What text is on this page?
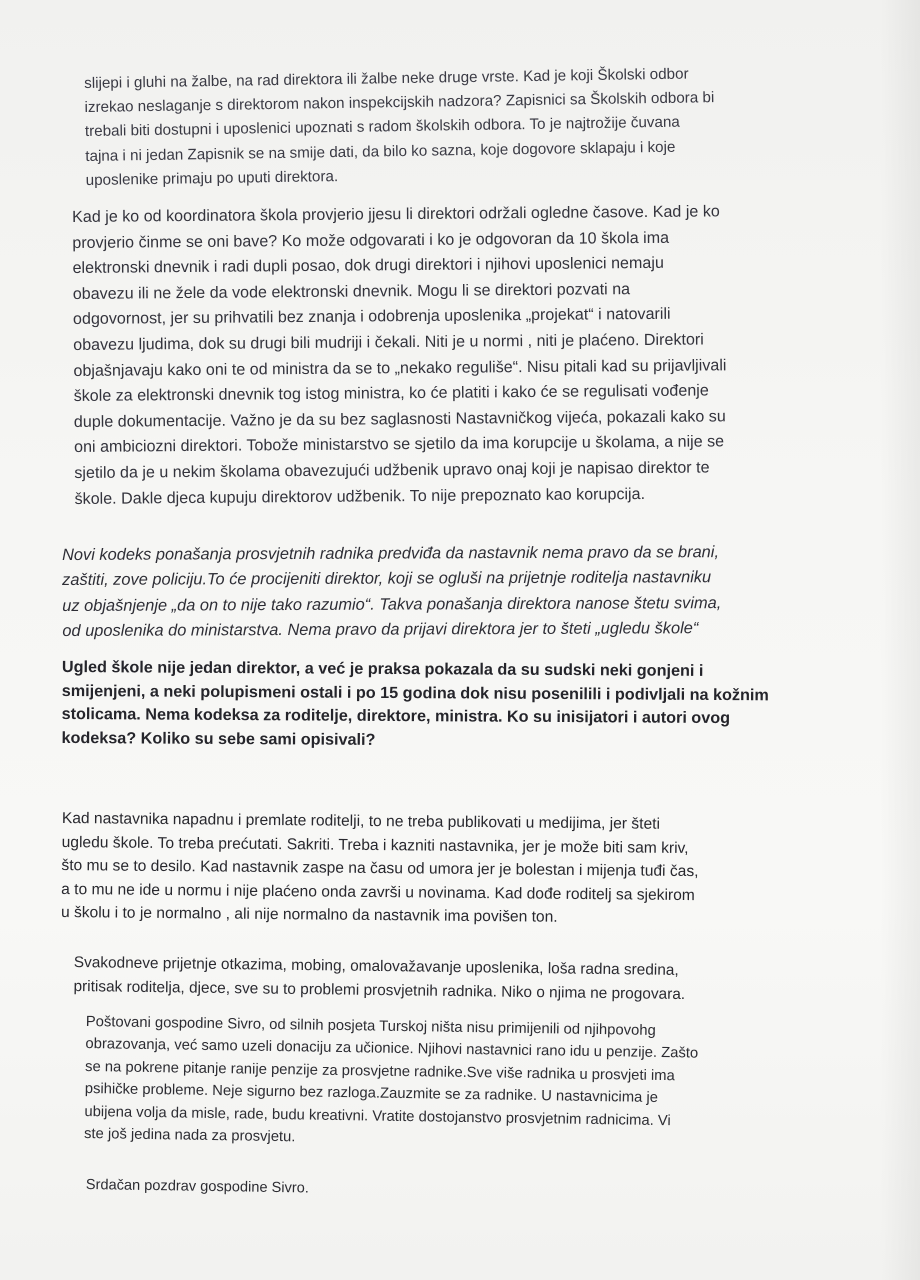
slijepi i gluhi na žalbe, na rad direktora ili žalbe neke druge vrste. Kad je koji Školski odbor
izrekao neslaganje s direktorom nakon inspekcijskih nadzora? Zapisnici sa Školskih odbora bi
trebali biti dostupni i uposlenici upoznati s radom školskih odbora. To je najtrožije čuvana
tajna i ni jedan Zapisnik se na smije dati, da bilo ko sazna, koje dogovore sklapaju i koje
uposlenike primaju po uputi direktora.

Kad je ko od koordinatora škola provjerio jjesu li direktori održali ogledne časove. Kad je ko
provjerio činme se oni bave? Ko može odgovarati i ko je odgovoran da 10 škola ima
elektronski dnevnik i radi dupli posao, dok drugi direktori i njihovi uposlenici nemaju
obavezu ili ne žele da vode elektronski dnevnik. Mogu li se direktori pozvati na
odgovornost, jer su prihvatili bez znanja i odobrenja uposlenika „projekat“ i natovarili
obavezu ljudima, dok su drugi bili mudriji i čekali. Niti je u normi , niti je plaćeno. Direktori
objašnjavaju kako oni te od ministra da se to „nekako reguliše“. Nisu pitali kad su prijavljivali
škole za elektronski dnevnik tog istog ministra, ko će platiti i kako će se regulisati vođenje
duple dokumentacije. Važno je da su bez saglasnosti Nastavničkog vijeća, pokazali kako su
oni ambiciozni direktori. Tobože ministarstvo se sjetilo da ima korupcije u školama, a nije se
sjetilo da je u nekim školama obavezujući udžbenik upravo onaj koji je napisao direktor te
škole. Dakle djeca kupuju direktorov udžbenik. To nije prepoznato kao korupcija.

Novi kodeks ponašanja prosvjetnih radnika predviđa da nastavnik nema pravo da se brani,
zaštiti, zove policiju.To će procijeniti direktor, koji se ogluši na prijetnje roditelja nastavniku
uz objašnjenje „da on to nije tako razumio“. Takva ponašanja direktora nanose štetu svima,
od uposlenika do ministarstva. Nema pravo da prijavi direktora jer to šteti „ugledu škole“

Ugled škole nije jedan direktor, a već je praksa pokazala da su sudski neki gonjeni i
smijenjeni, a neki polupismeni ostali i po 15 godina dok nisu posenilili i podivljali na kožnim
stolicama. Nema kodeksa za roditelje, direktore, ministra. Ko su inisijatori i autori ovog
kodeksa? Koliko su sebe sami opisivali?

Kad nastavnika napadnu i premlate roditelji, to ne treba publikovati u medijima, jer šteti
ugledu škole. To treba prećutati. Sakriti. Treba i kazniti nastavnika, jer je može biti sam kriv,
što mu se to desilo. Kad nastavnik zaspe na času od umora jer je bolestan i mijenja tuđi čas,
a to mu ne ide u normu i nije plaćeno onda završi u novinama. Kad dođe roditelj sa sjekirom
u školu i to je normalno , ali nije normalno da nastavnik ima povišen ton.

Svakodneve prijetnje otkazima, mobing, omalovažavanje uposlenika, loša radna sredina,
pritisak roditelja, djece, sve su to problemi prosvjetnih radnika. Niko o njima ne progovara.

Poštovani gospodine Sivro, od silnih posjeta Turskoj ništa nisu primijenili od njihpovohg
obrazovanja, već samo uzeli donaciju za učionice. Njihovi nastavnici rano idu u penzije. Zašto
se na pokrene pitanje ranije penzije za prosvjetne radnike.Sve više radnika u prosvjeti ima
psihičke probleme. Neje sigurno bez razloga.Zauzmite se za radnike. U nastavnicima je
ubijena volja da misle, rade, budu kreativni. Vratite dostojanstvo prosvjetnim radnicima. Vi
ste još jedina nada za prosvjetu.

Srdačan pozdrav gospodine Sivro.
